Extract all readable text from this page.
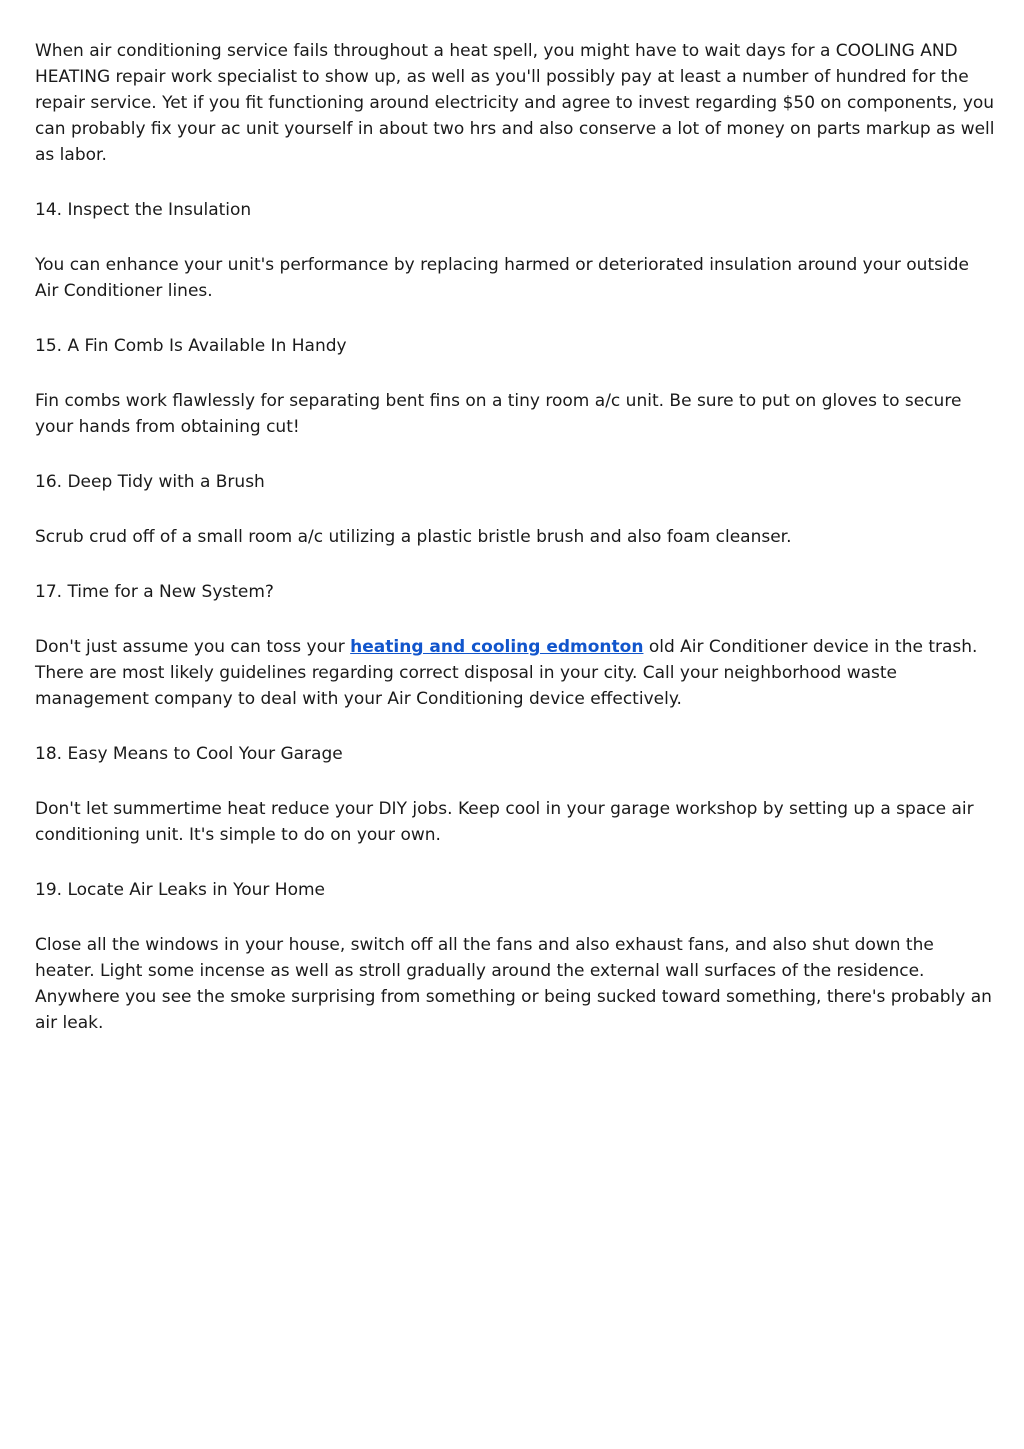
When air conditioning service fails throughout a heat spell, you might have to wait days for a COOLING AND HEATING repair work specialist to show up, as well as you'll possibly pay at least a number of hundred for the repair service. Yet if you fit functioning around electricity and agree to invest regarding $50 on components, you can probably fix your ac unit yourself in about two hrs and also conserve a lot of money on parts markup as well as labor.

14. Inspect the Insulation

You can enhance your unit's performance by replacing harmed or deteriorated insulation around your outside Air Conditioner lines.

15. A Fin Comb Is Available In Handy

Fin combs work flawlessly for separating bent fins on a tiny room a/c unit. Be sure to put on gloves to secure your hands from obtaining cut!

16. Deep Tidy with a Brush

Scrub crud off of a small room a/c utilizing a plastic bristle brush and also foam cleanser.

17. Time for a New System?

Don't just assume you can toss your heating and cooling edmonton old Air Conditioner device in the trash. There are most likely guidelines regarding correct disposal in your city. Call your neighborhood waste management company to deal with your Air Conditioning device effectively.

18. Easy Means to Cool Your Garage

Don't let summertime heat reduce your DIY jobs. Keep cool in your garage workshop by setting up a space air conditioning unit. It's simple to do on your own.

19. Locate Air Leaks in Your Home

Close all the windows in your house, switch off all the fans and also exhaust fans, and also shut down the heater. Light some incense as well as stroll gradually around the external wall surfaces of the residence. Anywhere you see the smoke surprising from something or being sucked toward something, there's probably an air leak.
